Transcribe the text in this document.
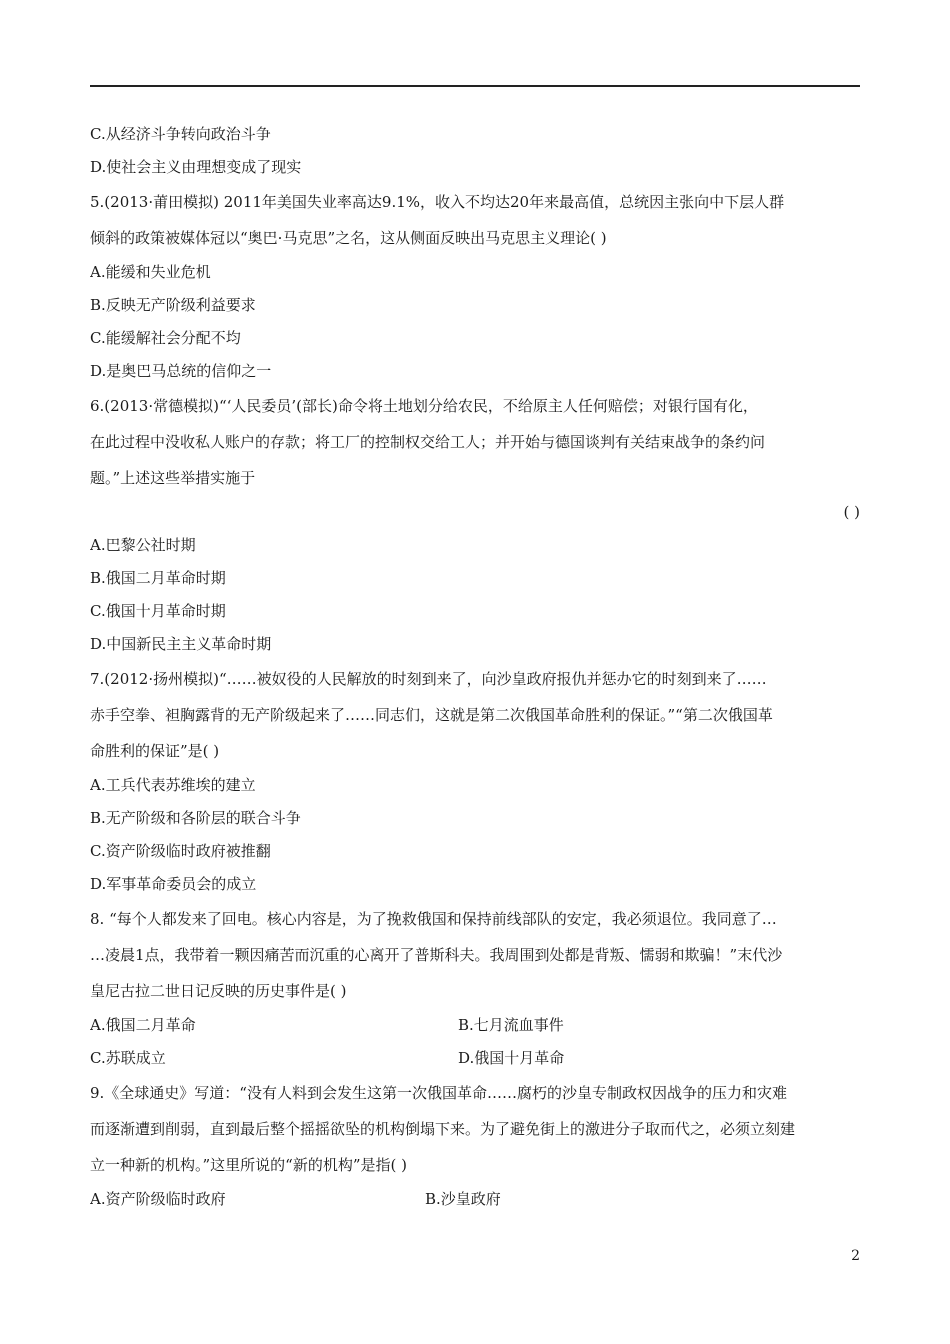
C.从经济斗争转向政治斗争
D.使社会主义由理想变成了现实
5.(2013·莆田模拟) 2011年美国失业率高达9.1%，收入不均达20年来最高值，总统因主张向中下层人群
倾斜的政策被媒体冠以“奥巴·马克思”之名，这从侧面反映出马克思主义理论( )
A.能缓和失业危机
B.反映无产阶级利益要求
C.能缓解社会分配不均
D.是奥巴马总统的信仰之一
6.(2013·常德模拟)“‘人民委员’(部长)命令将土地划分给农民，不给原主人任何赔偿；对银行国有化，
在此过程中没收私人账户的存款；将工厂的控制权交给工人；并开始与德国谈判有关结束战争的条约问
题。”上述这些举措实施于
( )
A.巴黎公社时期
B.俄国二月革命时期
C.俄国十月革命时期
D.中国新民主主义革命时期
7.(2012·扬州模拟)“……被奴役的人民解放的时刻到来了，向沙皇政府报仇并惩办它的时刻到来了……
赤手空拳、袒胸露背的无产阶级起来了……同志们，这就是第二次俄国革命胜利的保证。”“第二次俄国革
命胜利的保证”是( )
A.工兵代表苏维埃的建立
B.无产阶级和各阶层的联合斗争
C.资产阶级临时政府被推翻
D.军事革命委员会的成立
8. “每个人都发来了回电。核心内容是，为了挽救俄国和保持前线部队的安定，我必须退位。我同意了…
…凌晨1点，我带着一颗因痛苦而沉重的心离开了普斯科夫。我周围到处都是背叛、懦弱和欺骗！”末代沙
皇尼古拉二世日记反映的历史事件是( )
A.俄国二月革命	B.七月流血事件
C.苏联成立	D.俄国十月革命
9.《全球通史》写道：“没有人料到会发生这第一次俄国革命……腐朽的沙皇专制政权因战争的压力和灾难
而逐渐遭到削弱，直到最后整个摇摇欲坠的机构倒塌下来。为了避免街上的激进分子取而代之，必须立刻建
立一种新的机构。”这里所说的“新的机构”是指( )
A.资产阶级临时政府	B.沙皇政府
2
